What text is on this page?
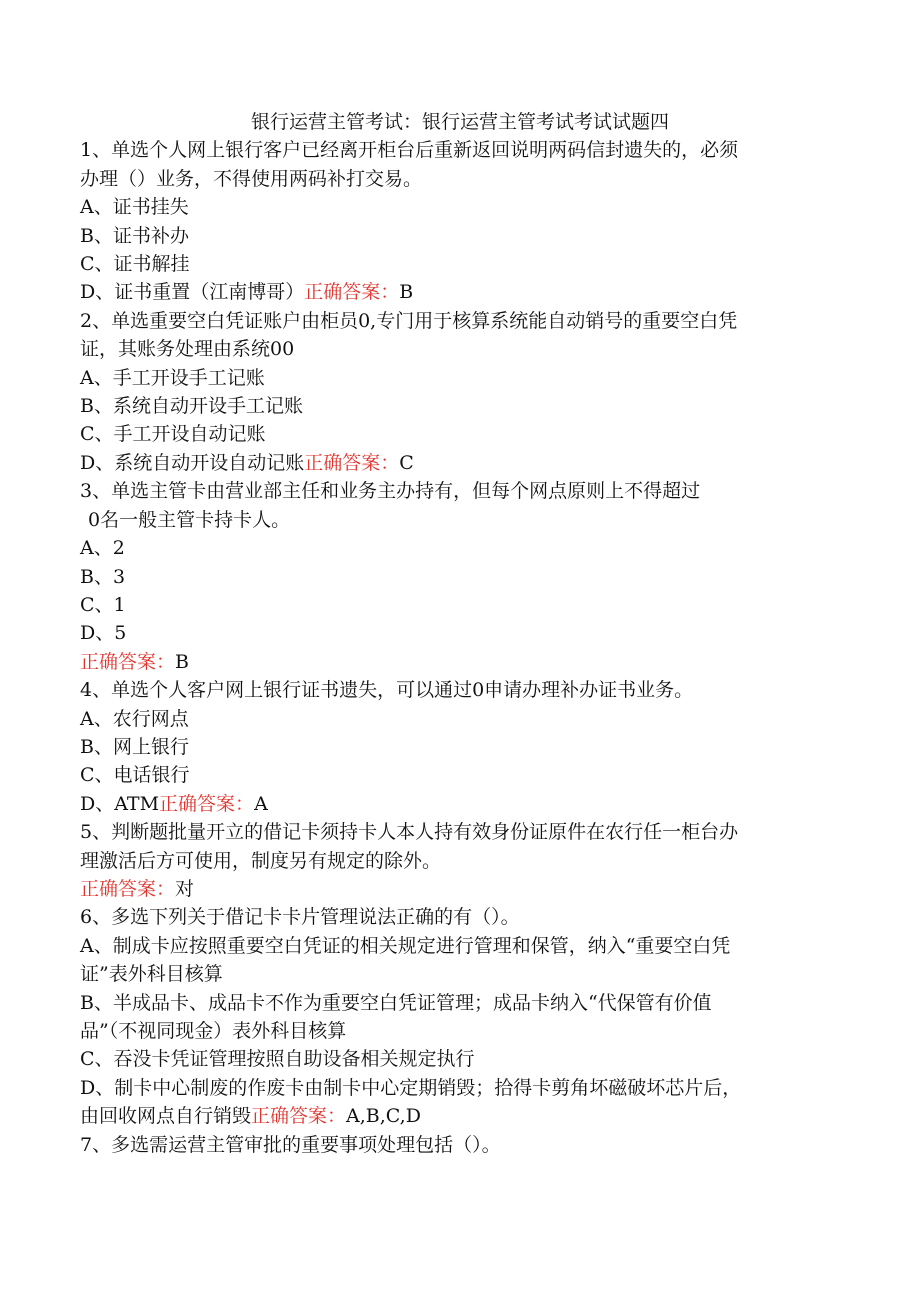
银行运营主管考试：银行运营主管考试考试试题四
1、单选个人网上银行客户已经离开柜台后重新返回说明两码信封遗失的，必须
办理（）业务，不得使用两码补打交易。
A、证书挂失
B、证书补办
C、证书解挂
D、证书重置（江南博哥）正确答案：B
2、单选重要空白凭证账户由柜员0,专门用于核算系统能自动销号的重要空白凭
证，其账务处理由系统00
A、手工开设手工记账
B、系统自动开设手工记账
C、手工开设自动记账
D、系统自动开设自动记账正确答案：C
3、单选主管卡由营业部主任和业务主办持有，但每个网点原则上不得超过
0名一般主管卡持卡人。
A、2
B、3
C、1
D、5
正确答案：B
4、单选个人客户网上银行证书遗失，可以通过0申请办理补办证书业务。
A、农行网点
B、网上银行
C、电话银行
D、ATM正确答案：A
5、判断题批量开立的借记卡须持卡人本人持有效身份证原件在农行任一柜台办
理激活后方可使用，制度另有规定的除外。
正确答案：对
6、多选下列关于借记卡卡片管理说法正确的有（）。
A、制成卡应按照重要空白凭证的相关规定进行管理和保管，纳入“重要空白凭
证”表外科目核算
B、半成品卡、成品卡不作为重要空白凭证管理；成品卡纳入“代保管有价值
品”（不视同现金）表外科目核算
C、吞没卡凭证管理按照自助设备相关规定执行
D、制卡中心制废的作废卡由制卡中心定期销毁；拾得卡剪角坏磁破坏芯片后，
由回收网点自行销毁正确答案：A,B,C,D
7、多选需运营主管审批的重要事项处理包括（）。
